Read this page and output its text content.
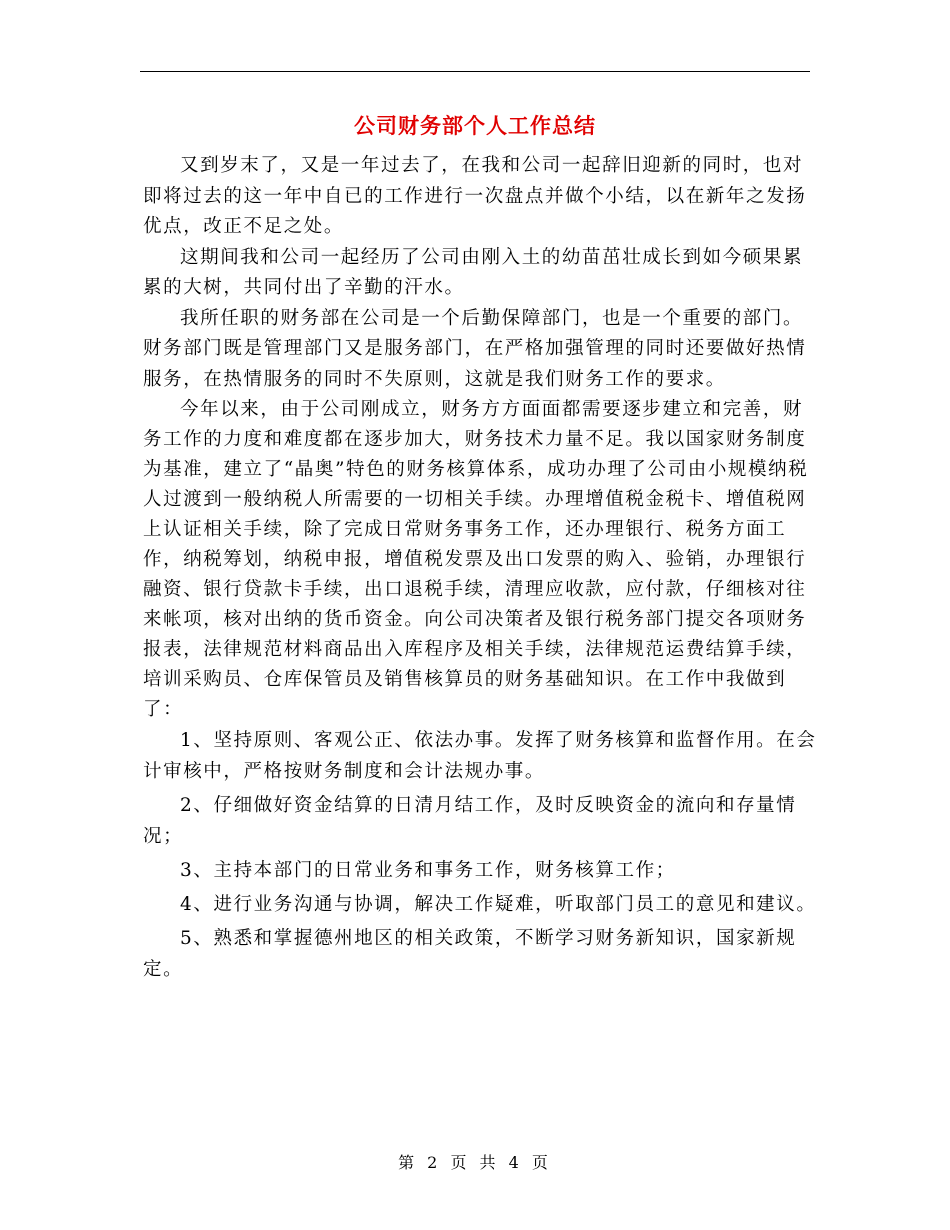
公司财务部个人工作总结

又到岁末了，又是一年过去了，在我和公司一起辞旧迎新的同时，也对即将过去的这一年中自已的工作进行一次盘点并做个小结，以在新年之发扬优点，改正不足之处。

这期间我和公司一起经历了公司由刚入土的幼苗茁壮成长到如今硕果累累的大树，共同付出了辛勤的汗水。

我所任职的财务部在公司是一个后勤保障部门，也是一个重要的部门。财务部门既是管理部门又是服务部门，在严格加强管理的同时还要做好热情服务，在热情服务的同时不失原则，这就是我们财务工作的要求。

今年以来，由于公司刚成立，财务方方面面都需要逐步建立和完善，财务工作的力度和难度都在逐步加大，财务技术力量不足。我以国家财务制度为基准，建立了“晶奥”特色的财务核算体系，成功办理了公司由小规模纳税人过渡到一般纳税人所需要的一切相关手续。办理增值税金税卡、增值税网上认证相关手续，除了完成日常财务事务工作，还办理银行、税务方面工作，纳税筹划，纳税申报，增值税发票及出口发票的购入、验销，办理银行融资、银行贷款卡手续，出口退税手续，清理应收款，应付款，仔细核对往来帐项，核对出纳的货币资金。向公司决策者及银行税务部门提交各项财务报表，法律规范材料商品出入库程序及相关手续，法律规范运费结算手续，培训采购员、仓库保管员及销售核算员的财务基础知识。在工作中我做到了：

1、坚持原则、客观公正、依法办事。发挥了财务核算和监督作用。在会计审核中，严格按财务制度和会计法规办事。

2、仔细做好资金结算的日清月结工作，及时反映资金的流向和存量情况；

3、主持本部门的日常业务和事务工作，财务核算工作；

4、进行业务沟通与协调，解决工作疑难，听取部门员工的意见和建议。

5、熟悉和掌握德州地区的相关政策，不断学习财务新知识，国家新规定。

第 2 页 共 4 页
